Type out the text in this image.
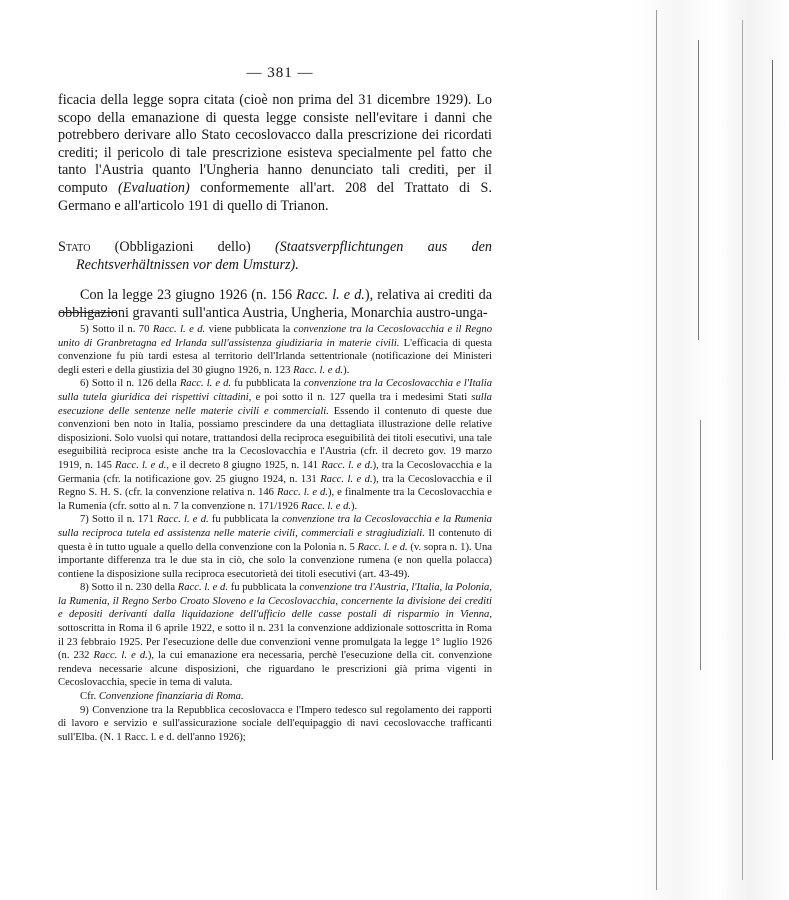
— 381 —

ficacia della legge sopra citata (cioè non prima del 31 dicembre 1929). Lo scopo della emanazione di questa legge consiste nell'evitare i danni che potrebbero derivare allo Stato cecoslovacco dalla prescrizione dei ricordati crediti; il pericolo di tale prescrizione esisteva specialmente pel fatto che tanto l'Austria quanto l'Ungheria hanno denunciato tali crediti, per il computo (Evaluation) conformemente all'art. 208 del Trattato di S. Germano e all'articolo 191 di quello di Trianon.

Stato (Obbligazioni dello) (Staatsverpflichtungen aus den Rechtsverhältnissen vor dem Umsturz).

Con la legge 23 giugno 1926 (n. 156 Racc. l. e d.), relativa ai crediti da obbligazioni gravanti sull'antica Austria, Ungheria, Monarchia austro-unga-

5) Sotto il n. 70 Racc. l. e d. viene pubblicata la convenzione tra la Cecoslovacchia e il Regno unito di Granbretagna ed Irlanda sull'assistenza giudiziaria in materie civili. L'efficacia di questa convenzione fu più tardi estesa al territorio dell'Irlanda settentrionale (notificazione dei Ministeri degli esteri e della giustizia del 30 giugno 1926, n. 123 Racc. l. e d.).

6) Sotto il n. 126 della Racc. l. e d. fu pubblicata la convenzione tra la Cecoslovacchia e l'Italia sulla tutela giuridica dei rispettivi cittadini, e poi sotto il n. 127 quella tra i medesimi Stati sulla esecuzione delle sentenze nelle materie civili e commerciali. Essendo il contenuto di queste due convenzioni ben noto in Italia, possiamo prescindere da una dettagliata illustrazione delle relative disposizioni. Solo vuolsi qui notare, trattandosi della reciproca eseguibilità dei titoli esecutivi, una tale eseguibilità reciproca esiste anche tra la Cecoslovacchia e l'Austria (cfr. il decreto gov. 19 marzo 1919, n. 145 Racc. l. e d., e il decreto 8 giugno 1925, n. 141 Racc. l. e d.), tra la Cecoslovacchia e la Germania (cfr. la notificazione gov. 25 giugno 1924, n. 131 Racc. l. e d.), tra la Cecoslovacchia e il Regno S. H. S. (cfr. la convenzione relativa n. 146 Racc. l. e d.), e finalmente tra la Cecoslovacchia e la Rumenia (cfr. sotto al n. 7 la convenzione n. 171/1926 Racc. l. e d.).

7) Sotto il n. 171 Racc. l. e d. fu pubblicata la convenzione tra la Cecoslovacchia e la Rumenia sulla reciproca tutela ed assistenza nelle materie civili, commerciali e stragiudiziali. Il contenuto di questa è in tutto uguale a quello della convenzione con la Polonia n. 5 Racc. l. e d. (v. sopra n. 1). Una importante differenza tra le due sta in ciò, che solo la convenzione rumena (e non quella polacca) contiene la disposizione sulla reciproca esecutorietà dei titoli esecutivi (art. 43-49).

8) Sotto il n. 230 della Racc. l. e d. fu pubblicata la convenzione tra l'Austria, l'Italia, la Polonia, la Rumenia, il Regno Serbo Croato Sloveno e la Cecoslovacchia, concernente la divisione dei crediti e depositi derivanti dalla liquidazione dell'ufficio delle casse postali di risparmio in Vienna, sottoscritta in Roma il 6 aprile 1922, e sotto il n. 231 la convenzione addizionale sottoscritta in Roma il 23 febbraio 1925. Per l'esecuzione delle due convenzioni venne promulgata la legge 1° luglio 1926 (n. 232 Racc. l. e d.), la cui emanazione era necessaria, perchè l'esecuzione della cit. convenzione rendeva necessarie alcune disposizioni, che riguardano le prescrizioni già prima vigenti in Cecoslovacchia, specie in tema di valuta.

Cfr. Convenzione finanziaria di Roma.

9) Convenzione tra la Repubblica cecoslovacca e l'Impero tedesco sul regolamento dei rapporti di lavoro e servizio e sull'assicurazione sociale dell'equipaggio di navi cecoslovacche trafficanti sull'Elba. (N. 1 Racc. l. e d. dell'anno 1926);
